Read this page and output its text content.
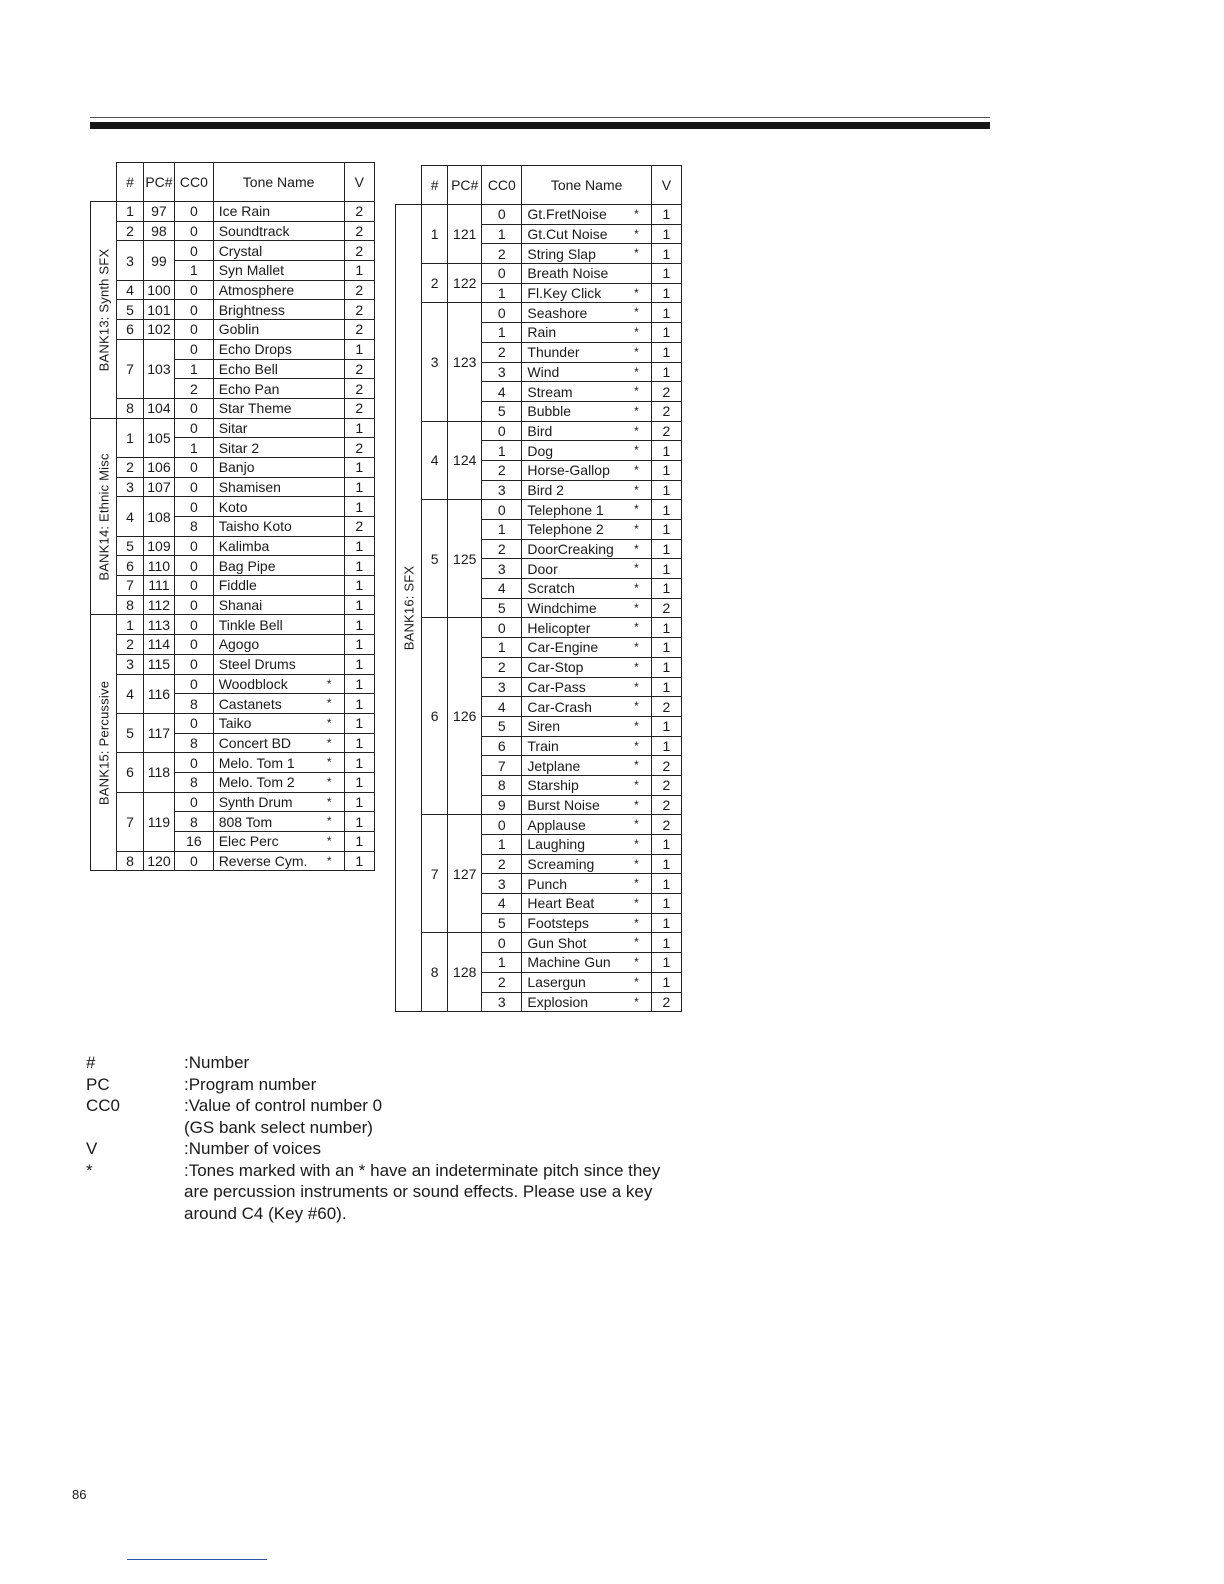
	#	PC#	CC0	Tone Name	V

BANK13: Synth SFX	1	97	0	Ice Rain	2
	2	98	0	Soundtrack	2
	3	99	0	Crystal	2
			1	Syn Mallet	1
	4	100	0	Atmosphere	2
	5	101	0	Brightness	2
	6	102	0	Goblin	2
	7	103	0	Echo Drops	1
			1	Echo Bell	2
			2	Echo Pan	2
	8	104	0	Star Theme	2

BANK14: Ethnic Misc	1	105	0	Sitar	1
			1	Sitar 2	2
	2	106	0	Banjo	1
	3	107	0	Shamisen	1
	4	108	0	Koto	1
			8	Taisho Koto	2
	5	109	0	Kalimba	1
	6	110	0	Bag Pipe	1
	7	111	0	Fiddle	1
	8	112	0	Shanai	1

BANK15: Percussive	1	113	0	Tinkle Bell	1
	2	114	0	Agogo	1
	3	115	0	Steel Drums	1
	4	116	0	Woodblock *	1
			8	Castanets *	1
	5	117	0	Taiko *	1
			8	Concert BD *	1
	6	118	0	Melo. Tom 1 *	1
			8	Melo. Tom 2 *	1
	7	119	0	Synth Drum *	1
			8	808 Tom *	1
			16	Elec Perc *	1
	8	120	0	Reverse Cym. *	1
	#	PC#	CC0	Tone Name	V

BANK16: SFX	1	121	0	Gt.FretNoise *	1
			1	Gt.Cut Noise *	1
			2	String Slap *	1
	2	122	0	Breath Noise	1
			1	Fl.Key Click *	1
	3	123	0	Seashore *	1
			1	Rain *	1
			2	Thunder *	1
			3	Wind *	1
			4	Stream *	2
			5	Bubble *	2
	4	124	0	Bird *	2
			1	Dog *	1
			2	Horse-Gallop *	1
			3	Bird 2 *	1
	5	125	0	Telephone 1 *	1
			1	Telephone 2 *	1
			2	DoorCreaking *	1
			3	Door *	1
			4	Scratch *	1
			5	Windchime *	2
	6	126	0	Helicopter *	1
			1	Car-Engine *	1
			2	Car-Stop *	1
			3	Car-Pass *	1
			4	Car-Crash *	2
			5	Siren *	1
			6	Train *	1
			7	Jetplane *	2
			8	Starship *	2
			9	Burst Noise *	2
	7	127	0	Applause *	2
			1	Laughing *	1
			2	Screaming *	1
			3	Punch *	1
			4	Heart Beat *	1
			5	Footsteps *	1
	8	128	0	Gun Shot *	1
			1	Machine Gun *	1
			2	Lasergun *	1
			3	Explosion *	2
#	:Number
PC	:Program number
CC0	:Value of control number 0
(GS bank select number)
V	:Number of voices
*	:Tones marked with an * have an indeterminate pitch since they
are percussion instruments or sound effects. Please use a key
around C4 (Key #60).
86
